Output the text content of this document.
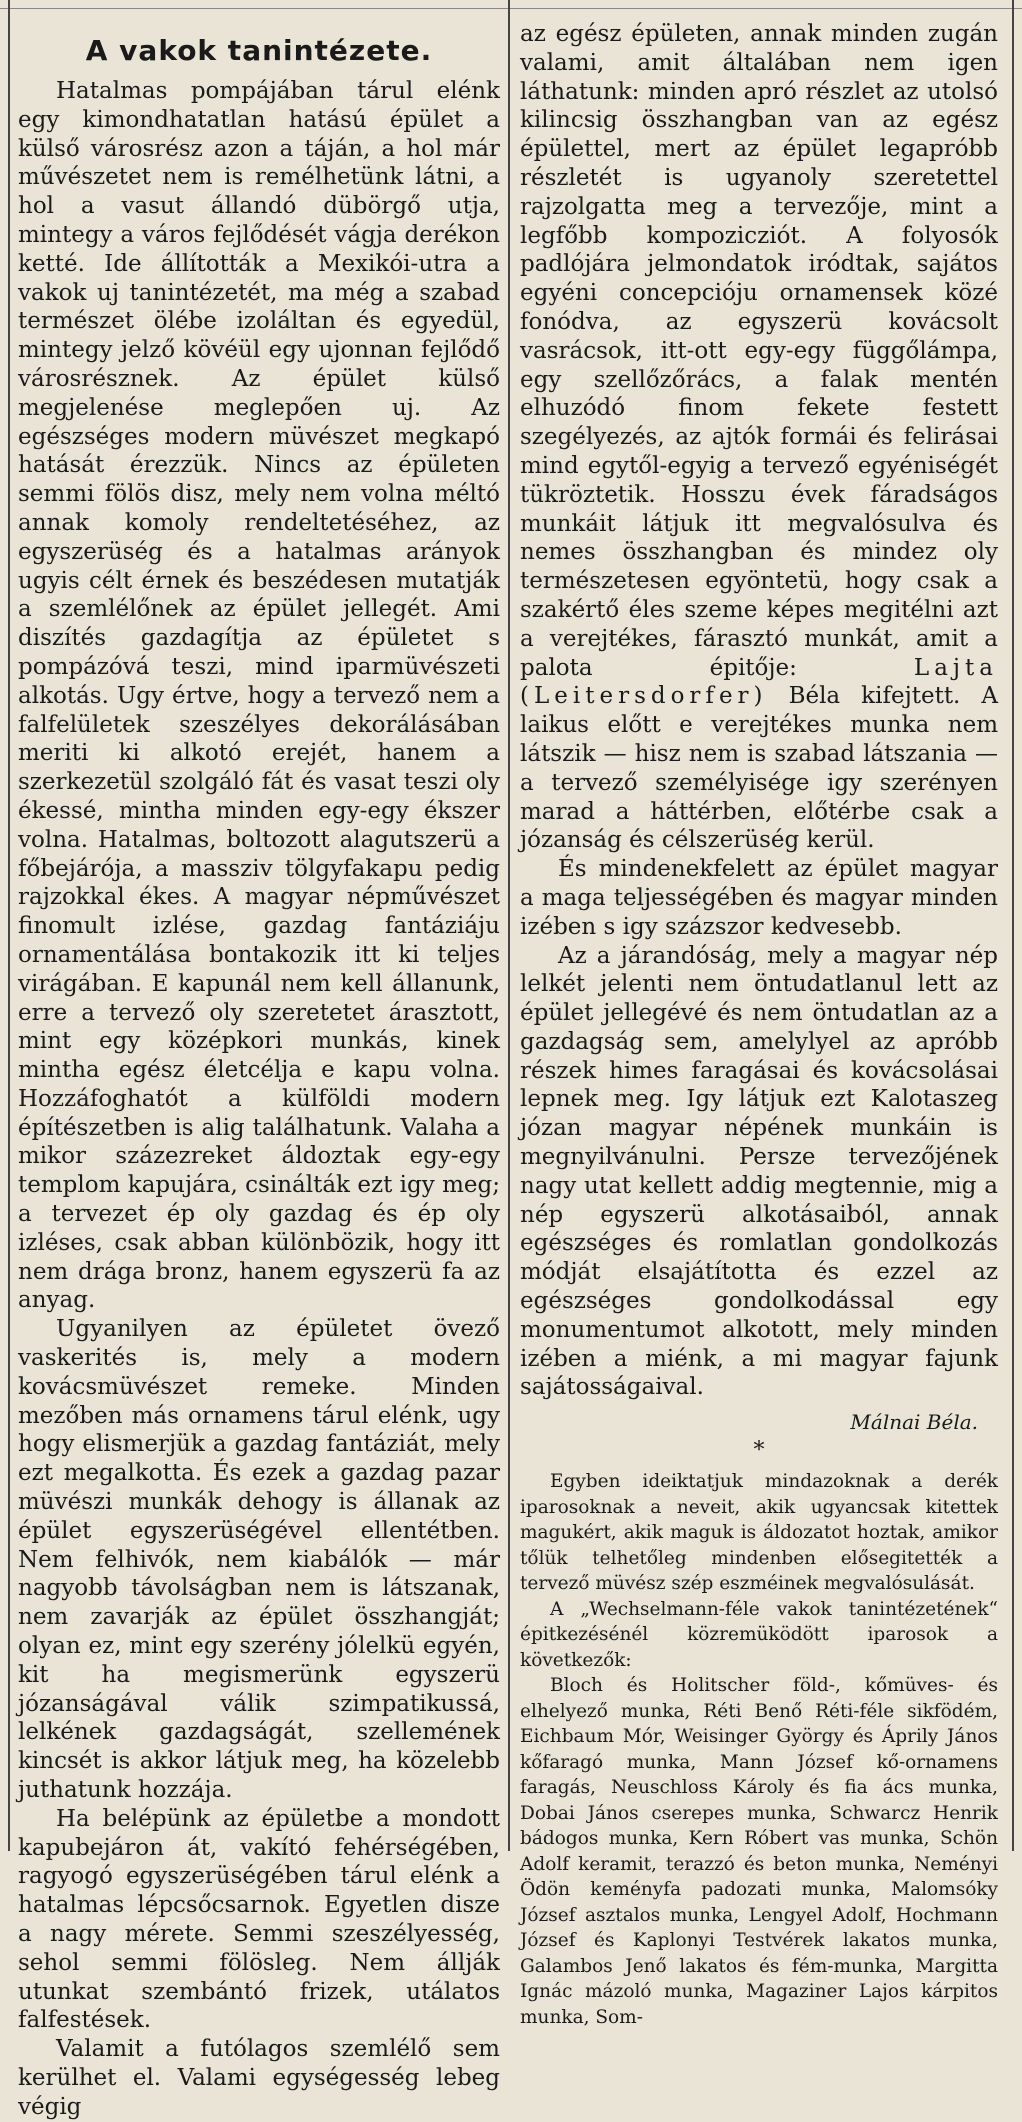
A vakok tanintézete.

Hatalmas pompájában tárul elénk egy kimondhatatlan hatású épület a külső városrész azon a táján, a hol már művészetet nem is remélhetünk látni, a hol a vasut állandó dübörgő utja, mintegy a város fejlődését vágja derékon ketté. Ide állították a Mexikói-utra a vakok uj tanintézetét, ma még a szabad természet ölébe izoláltan és egyedül, mintegy jelző kövéül egy ujonnan fejlődő városrésznek. Az épület külső megjelenése meglepően uj. Az egészséges modern müvészet megkapó hatását érezzük. Nincs az épületen semmi fölös disz, mely nem volna méltó annak komoly rendeltetéséhez, az egyszerüség és a hatalmas arányok ugyis célt érnek és beszédesen mutatják a szemlélőnek az épület jellegét. Ami diszítés gazdagítja az épületet s pompázóvá teszi, mind iparmüvészeti alkotás. Ugy értve, hogy a tervező nem a falfelületek szeszélyes dekorálásában meriti ki alkotó erejét, hanem a szerkezetül szolgáló fát és vasat teszi oly ékessé, mintha minden egy-egy ékszer volna. Hatalmas, boltozott alagutszerü a főbejárója, a massziv tölgyfakapu pedig rajzokkal ékes. A magyar népművészet finomult izlése, gazdag fantáziáju ornamentálása bontakozik itt ki teljes virágában. E kapunál nem kell állanunk, erre a tervező oly szeretetet árasztott, mint egy középkori munkás, kinek mintha egész életcélja e kapu volna. Hozzáfoghatót a külföldi modern építészetben is alig találhatunk. Valaha a mikor százezreket áldoztak egy-egy templom kapujára, csinálták ezt igy meg; a tervezet ép oly gazdag és ép oly izléses, csak abban különbözik, hogy itt nem drága bronz, hanem egyszerü fa az anyag.

Ugyanilyen az épületet övező vaskerités is, mely a modern kovácsmüvészet remeke. Minden mezőben más ornamens tárul elénk, ugy hogy elismerjük a gazdag fantáziát, mely ezt megalkotta. És ezek a gazdag pazar müvészi munkák dehogy is állanak az épület egyszerüségével ellentétben. Nem felhivók, nem kiabálók — már nagyobb távolságban nem is látszanak, nem zavarják az épület összhangját; olyan ez, mint egy szerény jólelkü egyén, kit ha megismerünk egyszerü józanságával válik szimpatikussá, lelkének gazdagságát, szellemének kincsét is akkor látjuk meg, ha közelebb juthatunk hozzája.

Ha belépünk az épületbe a mondott kapubejáron át, vakító fehérségében, ragyogó egyszerüségében tárul elénk a hatalmas lépcsőcsarnok. Egyetlen disze a nagy mérete. Semmi szeszélyesség, sehol semmi fölösleg. Nem állják utunkat szembántó frizek, utálatos falfestések.

Valamit a futólagos szemlélő sem kerülhet el. Valami egységesség lebeg végig

az egész épületen, annak minden zugán valami, amit általában nem igen láthatunk: minden apró részlet az utolsó kilincsig összhangban van az egész épülettel, mert az épület legapróbb részletét is ugyanoly szeretettel rajzolgatta meg a tervezője, mint a legfőbb kompozicziót. A folyosók padlójára jelmondatok iródtak, sajátos egyéni concepcióju ornamensek közé fonódva, az egyszerü kovácsolt vasrácsok, itt-ott egy-egy függőlámpa, egy szellőzőrács, a falak mentén elhuzódó finom fekete festett szegélyezés, az ajtók formái és felirásai mind egytől-egyig a tervező egyéniségét tükröztetik. Hosszu évek fáradságos munkáit látjuk itt megvalósulva és nemes összhangban és mindez oly természetesen egyöntetü, hogy csak a szakértő éles szeme képes megitélni azt a verejtékes, fárasztó munkát, amit a palota épitője:	Lajta (Leitersdorfer) Béla kifejtett. A laikus előtt e verejtékes munka nem látszik — hisz nem is szabad látszania — a tervező személyisége igy szerényen marad a háttérben, előtérbe csak a józanság és célszerüség kerül.

És mindenekfelett az épület magyar a maga teljességében és magyar minden izében s igy százszor kedvesebb.

Az a járandóság, mely a magyar nép lelkét jelenti nem öntudatlanul lett az épület jellegévé és nem öntudatlan az a gazdagság sem, amelylyel az apróbb részek himes faragásai és kovácsolásai lepnek meg. Igy látjuk ezt Kalotaszeg józan magyar népének munkáin is megnyilvánulni. Persze tervezőjének nagy utat kellett addig megtennie, mig a nép egyszerü alkotásaiból, annak egészséges és romlatlan gondolkozás módját elsajátította és ezzel az egészséges gondolkodással egy monumentumot alkotott, mely minden izében a miénk, a mi magyar fajunk sajátosságaival.

Málnai Béla.
*

Egyben ideiktatjuk mindazoknak a derék iparosoknak a neveit, akik ugyancsak kitettek magukért, akik maguk is áldozatot hoztak, amikor tőlük telhetőleg mindenben elősegitették a tervező müvész szép eszméinek megvalósulását.

A „Wechselmann-féle vakok tanintézetének“ épitkezésénél közremüködött iparosok a következők:

Bloch és Holitscher föld-, kőmüves- és elhelyező munka, Réti Benő Réti-féle sikfödém, Eichbaum Mór, Weisinger György és Áprily János kőfaragó munka, Mann József kő-ornamens faragás, Neuschloss Károly és fia ács munka, Dobai János cserepes munka, Schwarcz Henrik bádogos munka, Kern Róbert vas munka, Schön Adolf keramit, terazzó és beton munka, Neményi Ödön keményfa padozati munka, Malomsóky József asztalos munka, Lengyel Adolf, Hochmann József és Kaplonyi Testvérek lakatos munka, Galambos Jenő lakatos és fém-munka, Margitta Ignác mázoló munka, Magaziner Lajos kárpitos munka, Som-
